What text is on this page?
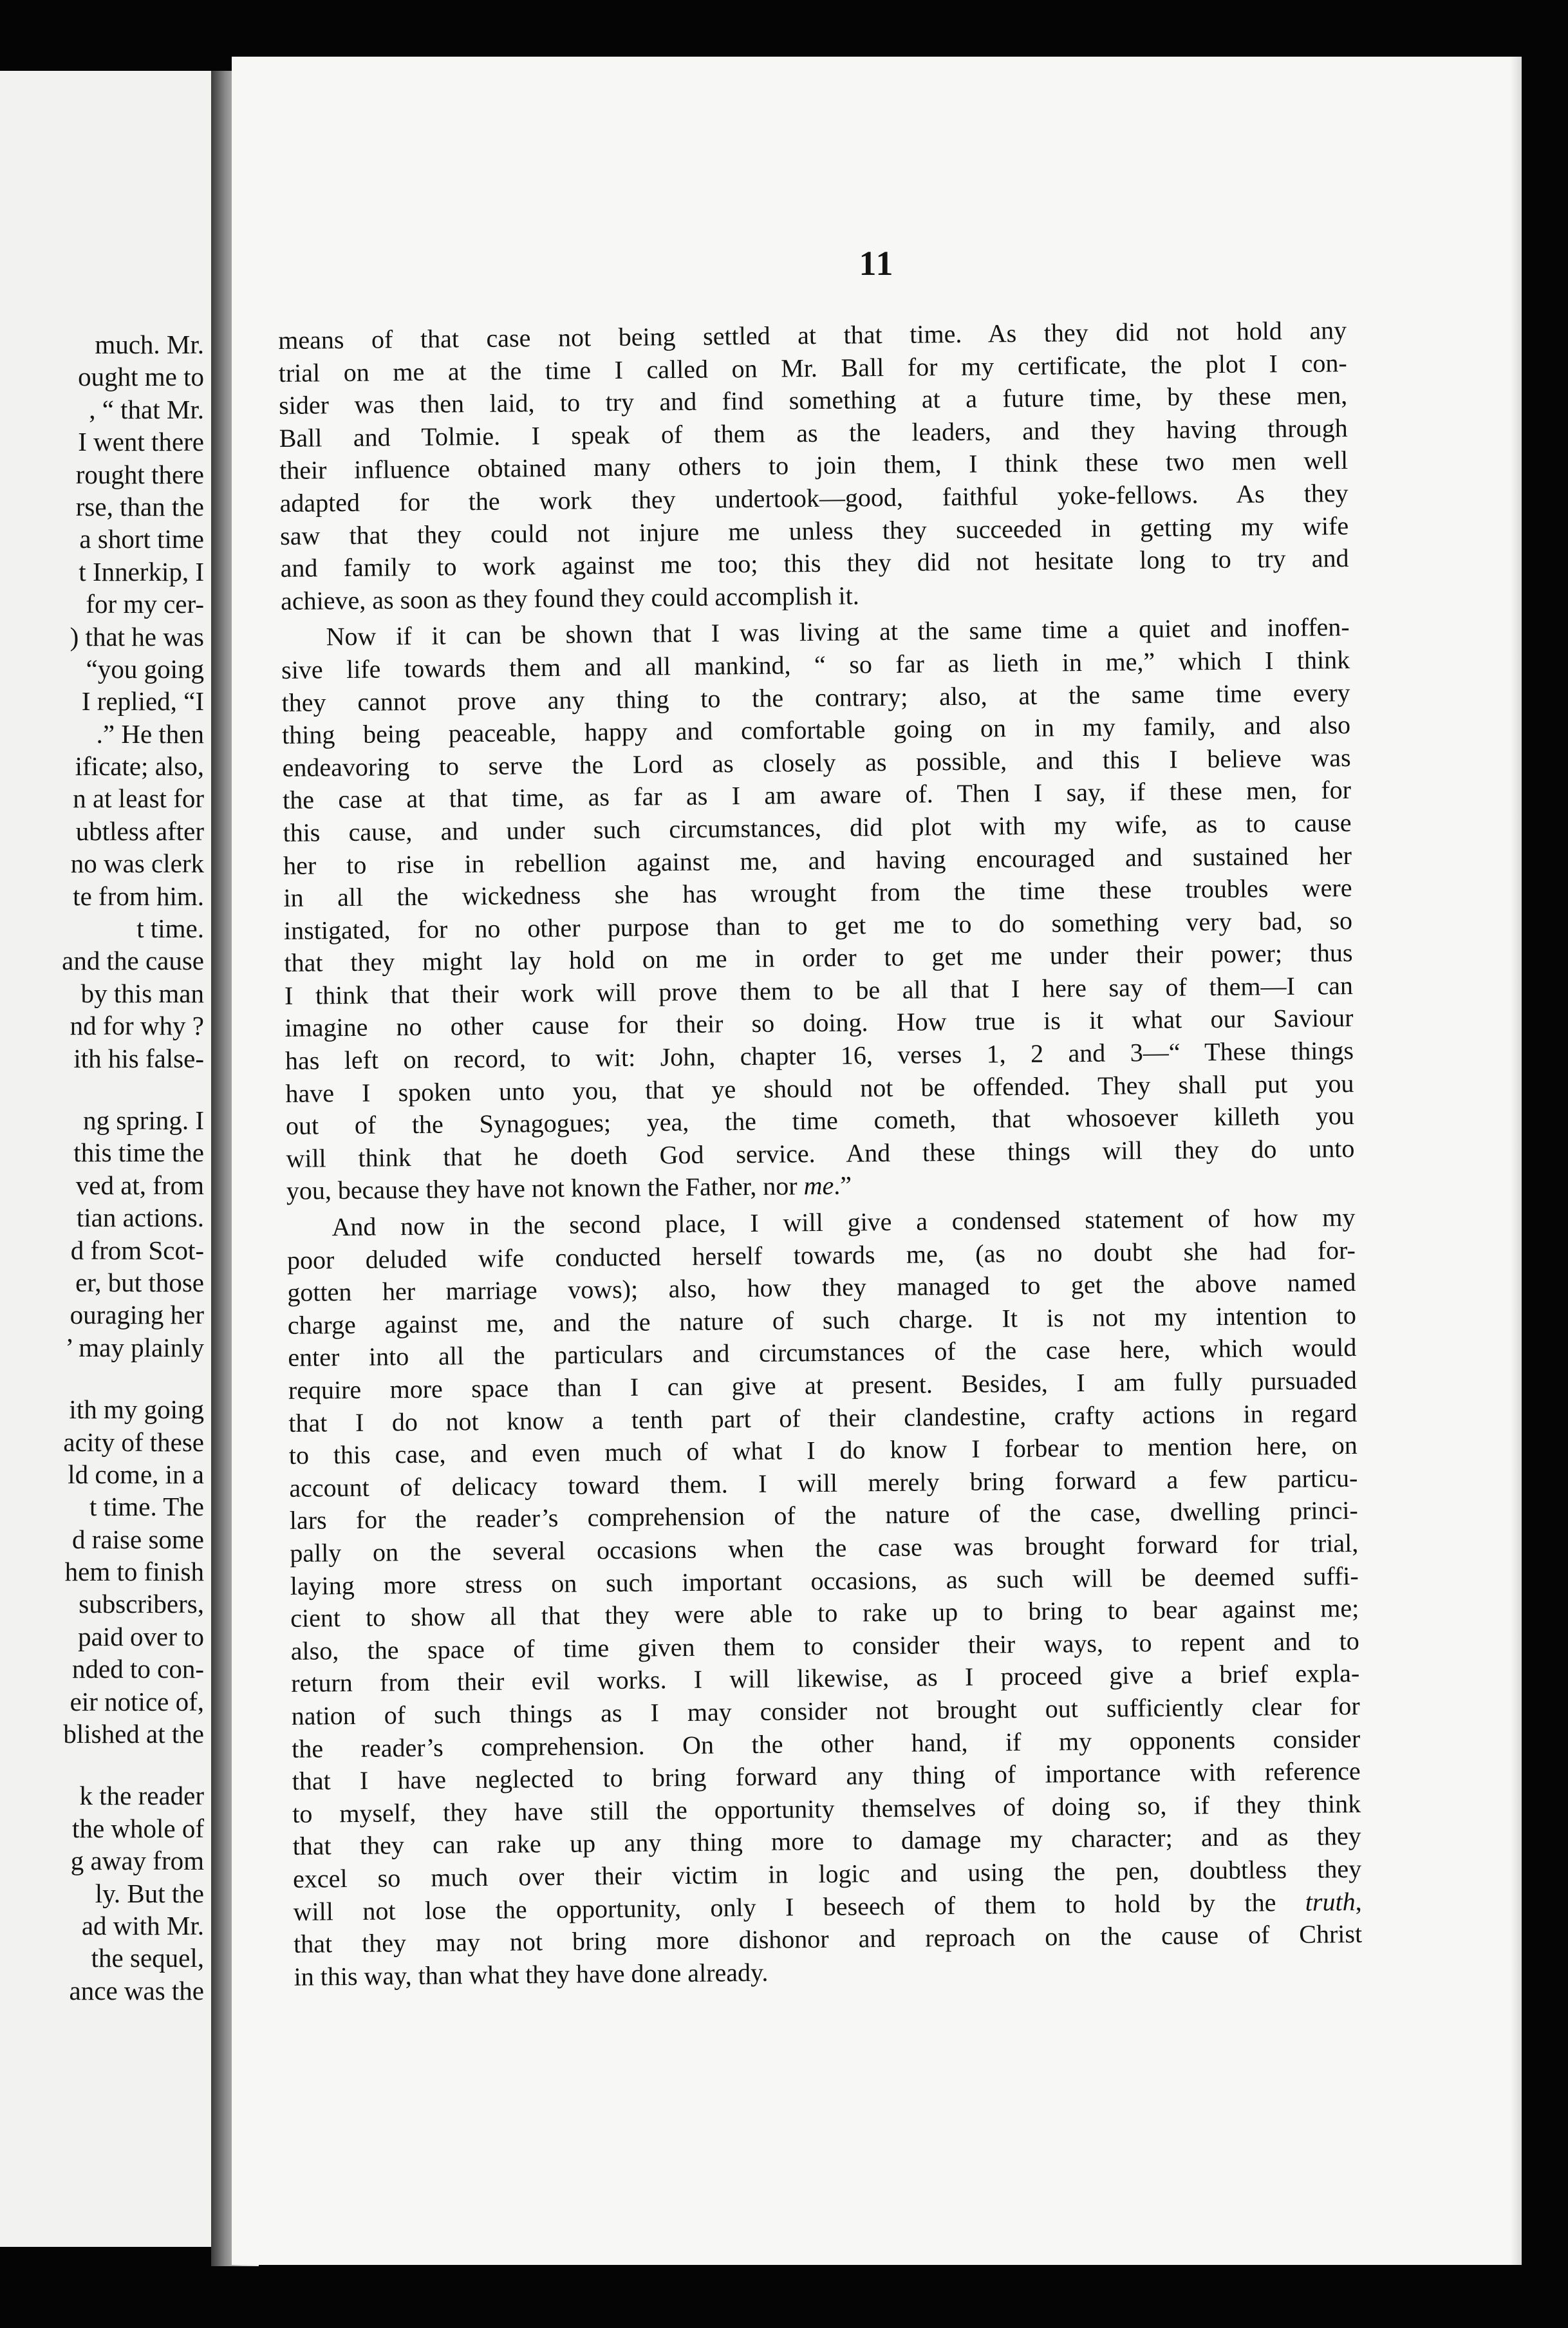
much. Mr.
ought me to
, “ that Mr.
I went there
rought there
rse, than the
a short time
t Innerkip, I
for my cer-
) that he was
“you going
I replied, “I
.” He then
ificate; also,
n at least for
ubtless after
no was clerk
te from him.
t time.
and the cause
by this man
nd for why ?
ith his false-
ng spring. I
this time the
ved at, from
tian actions.
d from Scot-
er, but those
ouraging her
’ may plainly
ith my going
acity of these
ld come, in a
t time. The
d raise some
hem to finish
subscribers,
paid over to
nded to con-
eir notice of,
blished at the
k the reader
the whole of
g away from
ly. But the
ad with Mr.
the sequel,
ance was the
11
means of that case not being settled at that time. As they did not hold any
trial on me at the time I called on Mr. Ball for my certificate, the plot I con-
sider was then laid, to try and find something at a future time, by these men,
Ball and Tolmie. I speak of them as the leaders, and they having through
their influence obtained many others to join them, I think these two men well
adapted for the work they undertook—good, faithful yoke-fellows. As they
saw that they could not injure me unless they succeeded in getting my wife
and family to work against me too; this they did not hesitate long to try and
achieve, as soon as they found they could accomplish it.
Now if it can be shown that I was living at the same time a quiet and inoffen-
sive life towards them and all mankind, “ so far as lieth in me,” which I think
they cannot prove any thing to the contrary; also, at the same time every
thing being peaceable, happy and comfortable going on in my family, and also
endeavoring to serve the Lord as closely as possible, and this I believe was
the case at that time, as far as I am aware of. Then I say, if these men, for
this cause, and under such circumstances, did plot with my wife, as to cause
her to rise in rebellion against me, and having encouraged and sustained her
in all the wickedness she has wrought from the time these troubles were
instigated, for no other purpose than to get me to do something very bad, so
that they might lay hold on me in order to get me under their power; thus
I think that their work will prove them to be all that I here say of them—I can
imagine no other cause for their so doing. How true is it what our Saviour
has left on record, to wit: John, chapter 16, verses 1, 2 and 3—“ These things
have I spoken unto you, that ye should not be offended. They shall put you
out of the Synagogues; yea, the time cometh, that whosoever killeth you
will think that he doeth God service. And these things will they do unto
you, because they have not known the Father, nor me.”
And now in the second place, I will give a condensed statement of how my
poor deluded wife conducted herself towards me, (as no doubt she had for-
gotten her marriage vows); also, how they managed to get the above named
charge against me, and the nature of such charge. It is not my intention to
enter into all the particulars and circumstances of the case here, which would
require more space than I can give at present. Besides, I am fully pursuaded
that I do not know a tenth part of their clandestine, crafty actions in regard
to this case, and even much of what I do know I forbear to mention here, on
account of delicacy toward them. I will merely bring forward a few particu-
lars for the reader’s comprehension of the nature of the case, dwelling princi-
pally on the several occasions when the case was brought forward for trial,
laying more stress on such important occasions, as such will be deemed suffi-
cient to show all that they were able to rake up to bring to bear against me;
also, the space of time given them to consider their ways, to repent and to
return from their evil works. I will likewise, as I proceed give a brief expla-
nation of such things as I may consider not brought out sufficiently clear for
the reader’s comprehension. On the other hand, if my opponents consider
that I have neglected to bring forward any thing of importance with reference
to myself, they have still the opportunity themselves of doing so, if they think
that they can rake up any thing more to damage my character; and as they
excel so much over their victim in logic and using the pen, doubtless they
will not lose the opportunity, only I beseech of them to hold by the truth,
that they may not bring more dishonor and reproach on the cause of Christ
in this way, than what they have done already.
